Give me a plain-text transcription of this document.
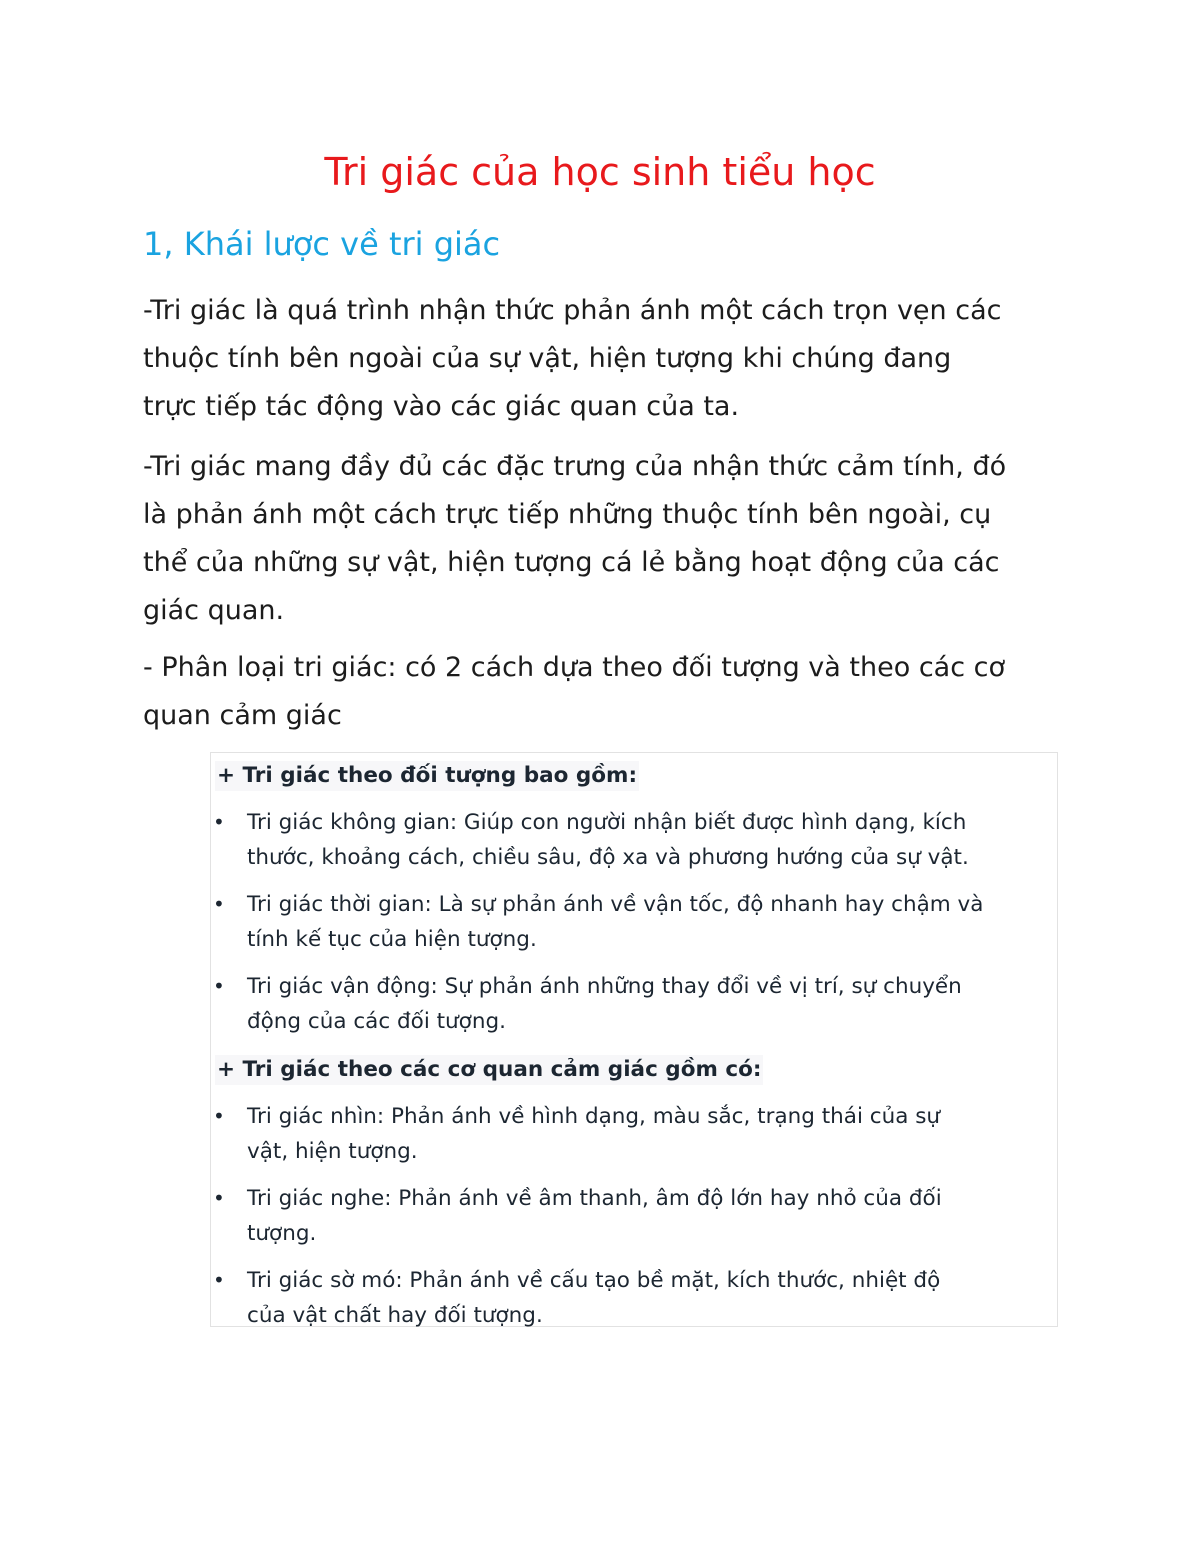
Tri giác của học sinh tiểu học
1, Khái lược về tri giác
-Tri giác là quá trình nhận thức phản ánh một cách trọn vẹn các
thuộc tính bên ngoài của sự vật, hiện tượng khi chúng đang
trực tiếp tác động vào các giác quan của ta.
-Tri giác mang đầy đủ các đặc trưng của nhận thức cảm tính, đó
là phản ánh một cách trực tiếp những thuộc tính bên ngoài, cụ
thể của những sự vật, hiện tượng cá lẻ bằng hoạt động của các
giác quan.
- Phân loại tri giác: có 2 cách dựa theo đối tượng và theo các cơ
quan cảm giác
+ Tri giác theo đối tượng bao gồm:
• Tri giác không gian: Giúp con người nhận biết được hình dạng, kích
thước, khoảng cách, chiều sâu, độ xa và phương hướng của sự vật.
• Tri giác thời gian: Là sự phản ánh về vận tốc, độ nhanh hay chậm và
tính kế tục của hiện tượng.
• Tri giác vận động: Sự phản ánh những thay đổi về vị trí, sự chuyển
động của các đối tượng.
+ Tri giác theo các cơ quan cảm giác gồm có:
• Tri giác nhìn: Phản ánh về hình dạng, màu sắc, trạng thái của sự
vật, hiện tượng.
• Tri giác nghe: Phản ánh về âm thanh, âm độ lớn hay nhỏ của đối
tượng.
• Tri giác sờ mó: Phản ánh về cấu tạo bề mặt, kích thước, nhiệt độ
của vật chất hay đối tượng.
